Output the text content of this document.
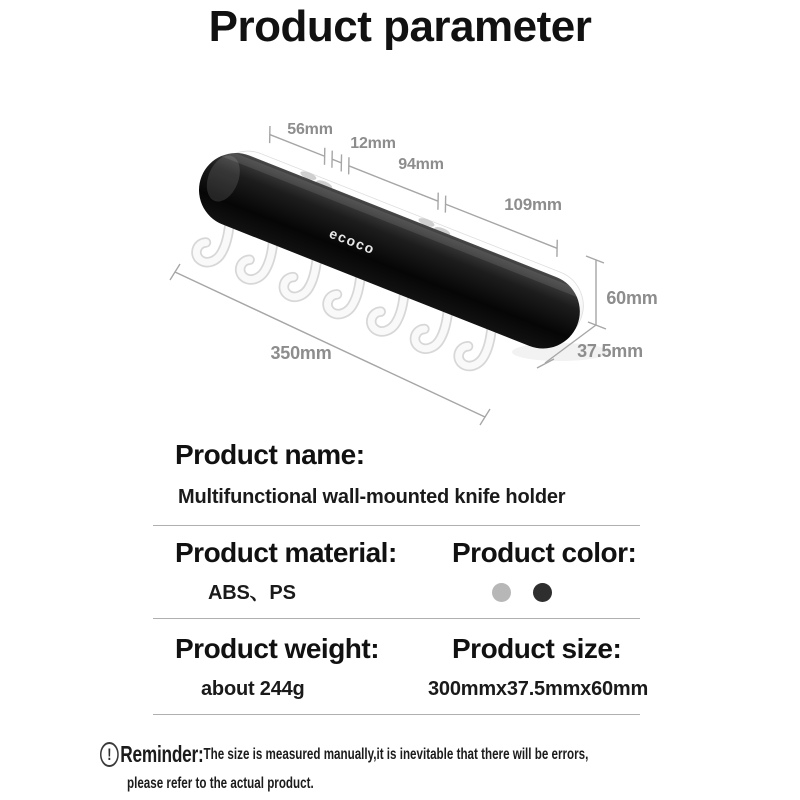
Product parameter
ecoco
56mm
12mm
94mm
109mm
60mm
37.5mm
350mm
Product name:
Multifunctional wall-mounted knife holder
Product material:
ABS、PS
Product color:
Product weight:
about 244g
Product size:
300mmx37.5mmx60mm
! Reminder: The size is measured manually,it is inevitable that there will be errors,
please refer to the actual product.
